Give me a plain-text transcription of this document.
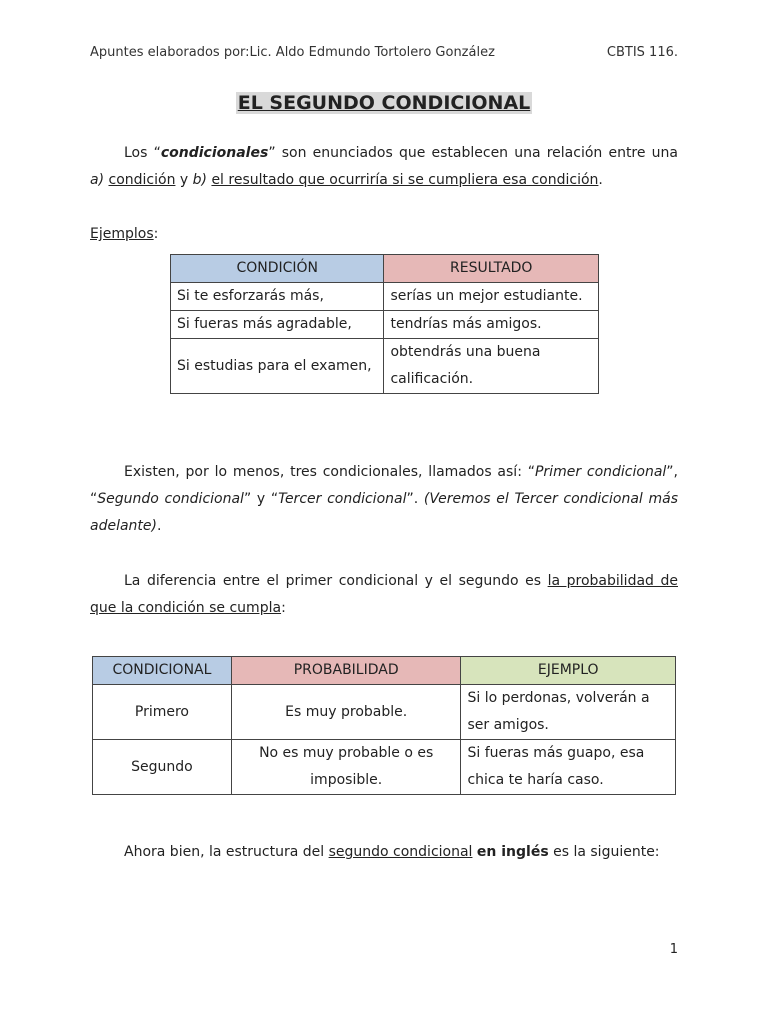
Apuntes elaborados por:Lic. Aldo Edmundo Tortolero González	CBTIS 116.
EL SEGUNDO CONDICIONAL
Los “condicionales” son enunciados que establecen una relación entre una a) condición y b) el resultado que ocurriría si se cumpliera esa condición.
Ejemplos:
CONDICIÓN	RESULTADO
Si te esforzarás más,	serías un mejor estudiante.
Si fueras más agradable,	tendrías más amigos.
Si estudias para el examen,	obtendrás una buena calificación.
Existen, por lo menos, tres condicionales, llamados así: “Primer condicional”, “Segundo condicional” y “Tercer condicional”. (Veremos el Tercer condicional más adelante).
La diferencia entre el primer condicional y el segundo es la probabilidad de que la condición se cumpla:
CONDICIONAL	PROBABILIDAD	EJEMPLO
Primero	Es muy probable.	Si lo perdonas, volverán a ser amigos.
Segundo	No es muy probable o es imposible.	Si fueras más guapo, esa chica te haría caso.
Ahora bien, la estructura del segundo condicional en inglés es la siguiente:
1
